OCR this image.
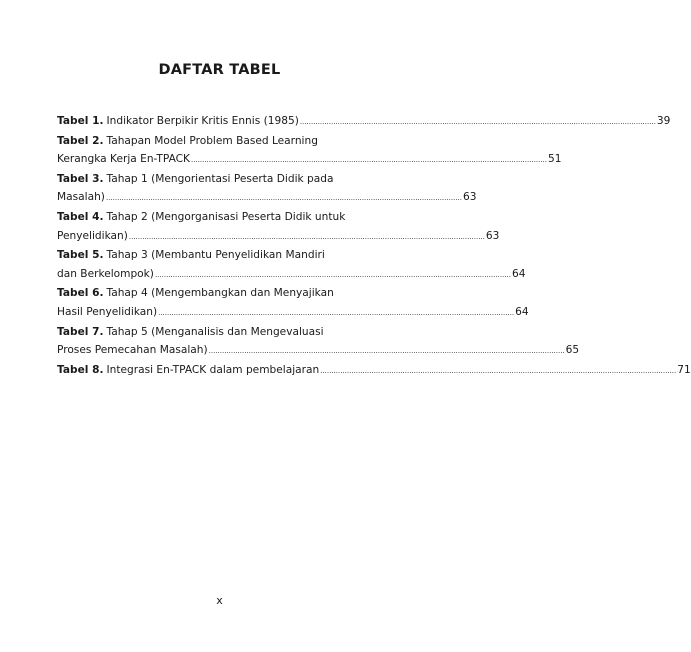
DAFTAR TABEL
Tabel 1. Indikator Berpikir Kritis Ennis (1985) .....	39
Tabel 2. Tahapan Model Problem Based Learning
Kerangka Kerja En-TPACK .....	51
Tabel 3. Tahap 1 (Mengorientasi Peserta Didik pada
Masalah) .....	63
Tabel 4. Tahap 2 (Mengorganisasi Peserta Didik untuk
Penyelidikan) .....	63
Tabel 5. Tahap 3 (Membantu Penyelidikan Mandiri
dan Berkelompok) .....	64
Tabel 6. Tahap 4 (Mengembangkan dan Menyajikan
Hasil Penyelidikan) .....	64
Tabel 7. Tahap 5 (Menganalisis dan Mengevaluasi
Proses Pemecahan Masalah) .....	65
Tabel 8. Integrasi En-TPACK dalam pembelajaran .....	71
x
